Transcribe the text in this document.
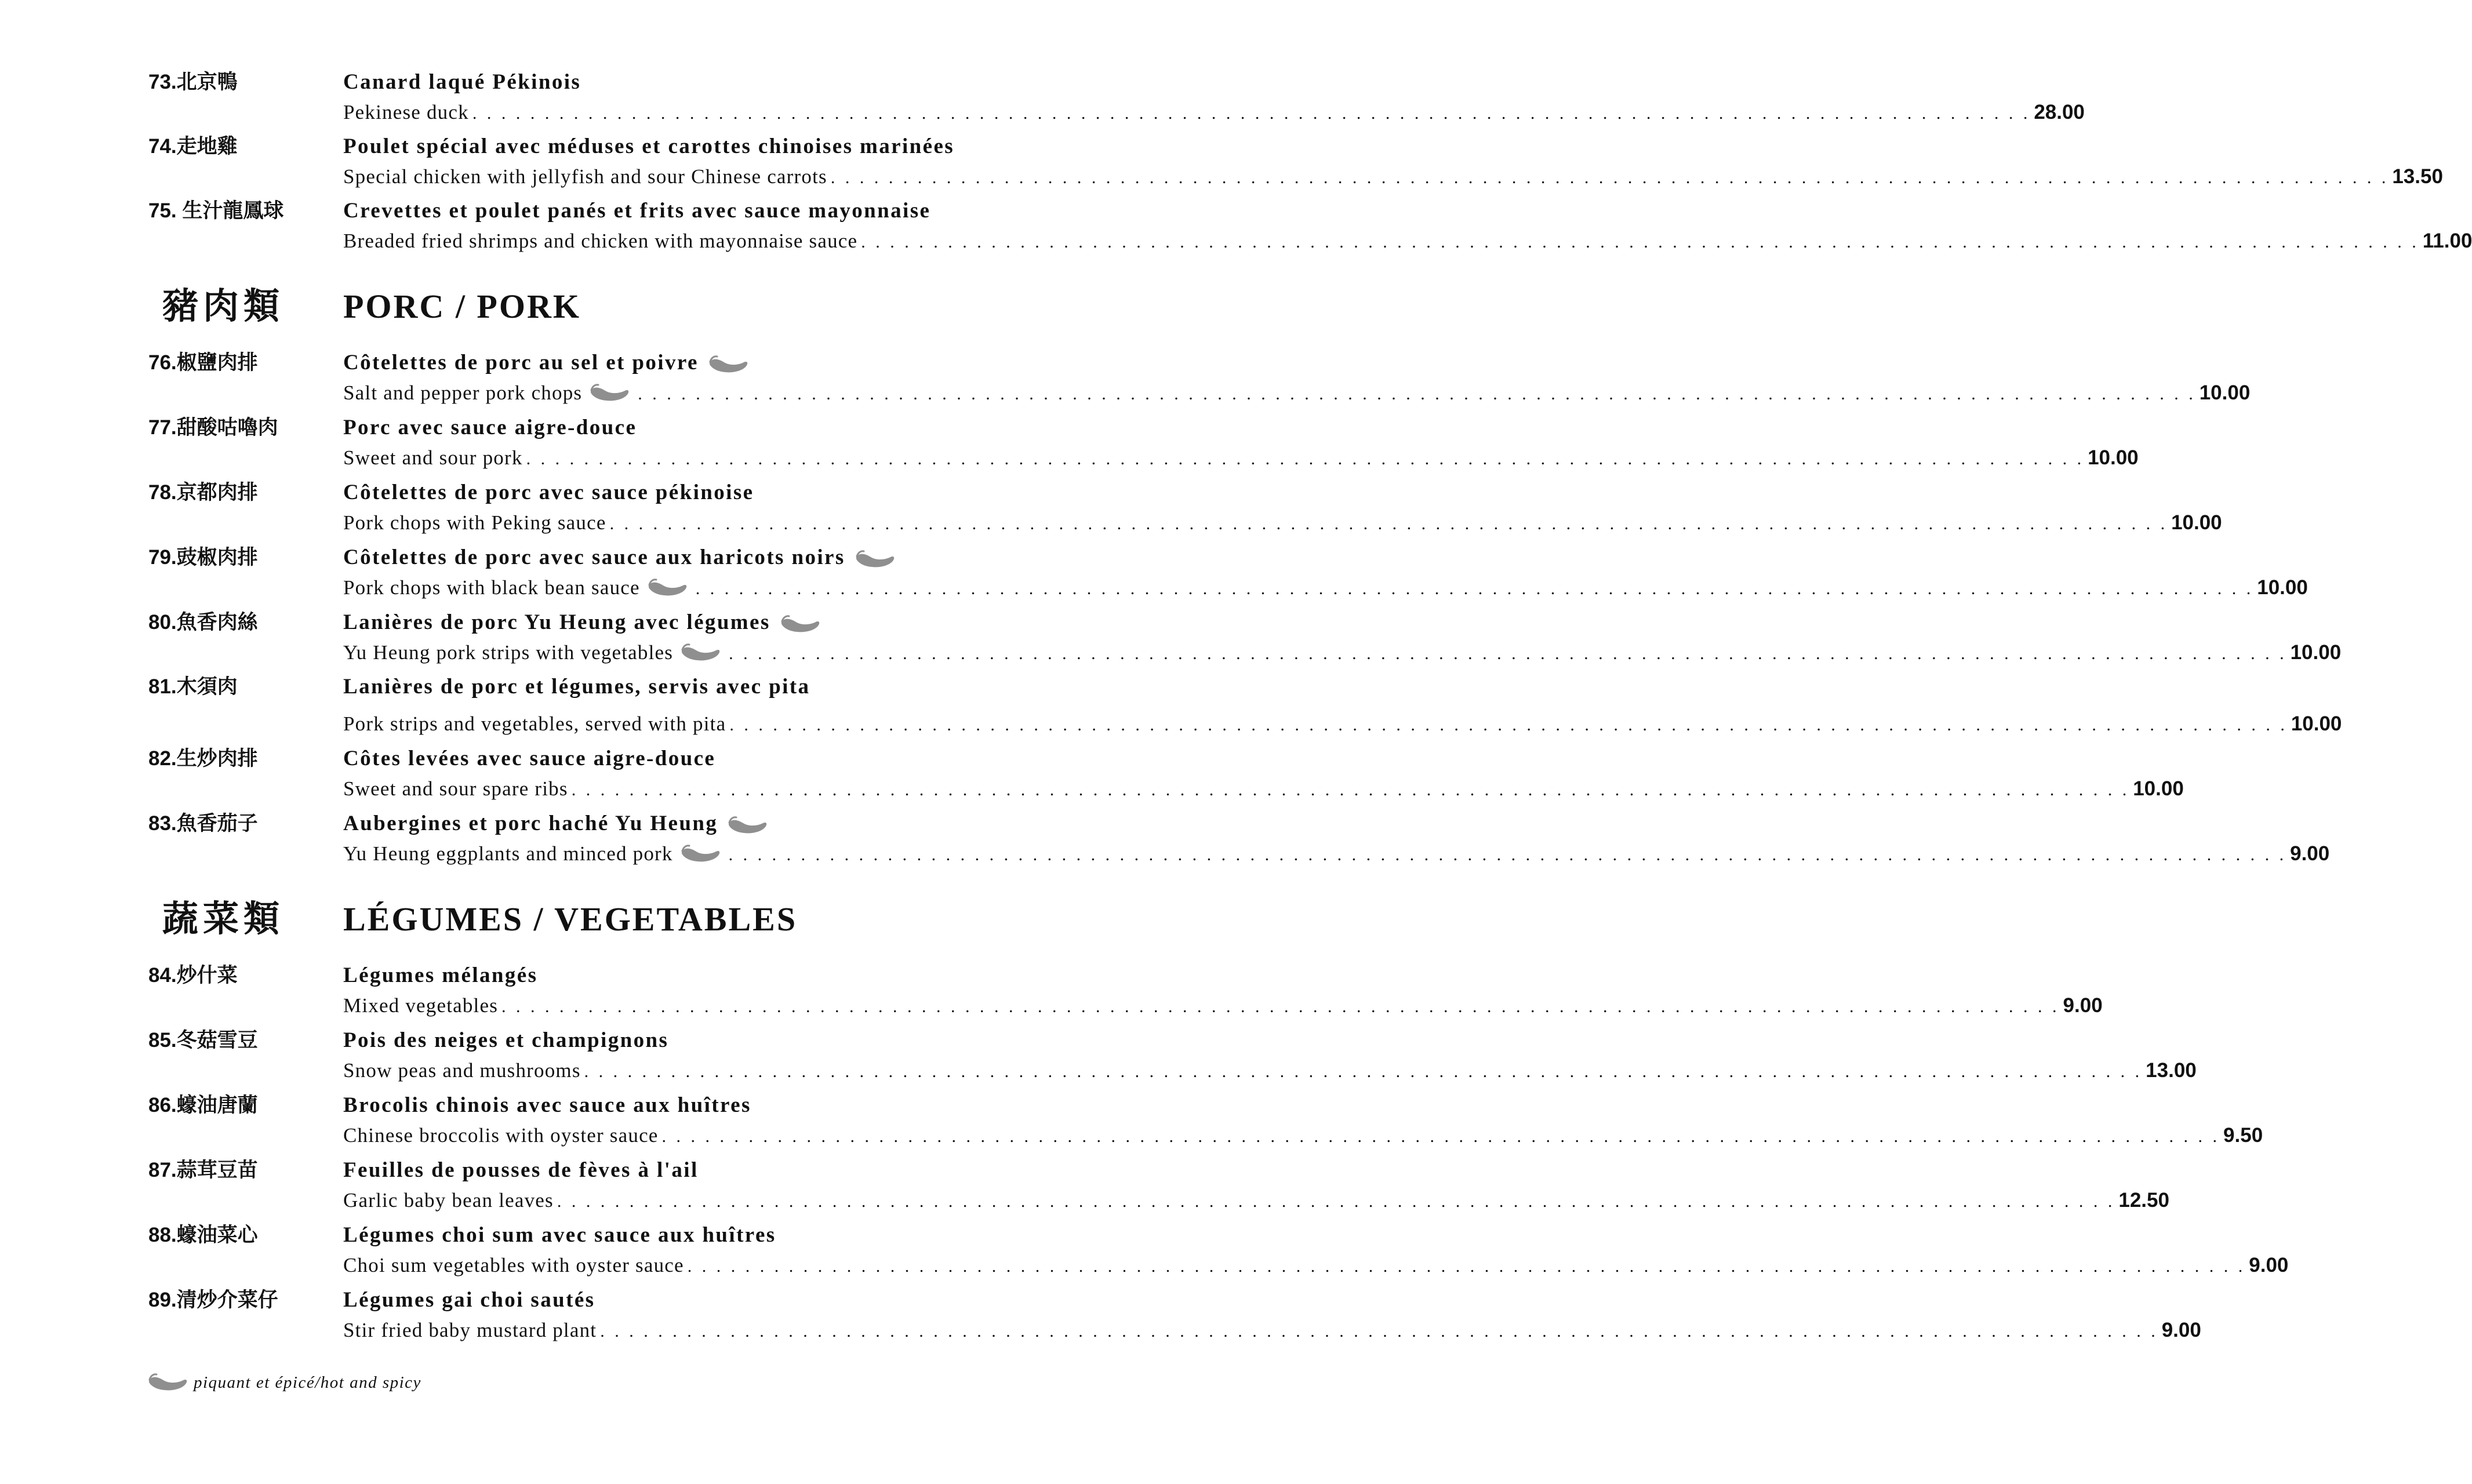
73.北京鴨	Canard laqué Pékinois
Pekinese duck . . . . . . . . . . . . . . . . . . . . . . . . . . . . . . . . . . . . . . . . . . . . . . . . . . . . . . . . . . . . . . . . . . . . . . . . . . . . . . . . . . . . . . . . . . . . . . . . . . . . . . . . . . . . 28.00
74.走地雞	Poulet spécial avec méduses et carottes chinoises marinées
Special chicken with jellyfish and sour Chinese carrots . . . . . . . . . . . . . . . . . . . . . . . . . . . . . . . . . . . . . . . . . . . . . . . . . . . . . . . . . . . . . . . . . . . . . . . . . . . . . . . . . . . . . . . . . . . . . . . . . . . . . . . . . . . . 13.50
75. 生汁龍鳳球	Crevettes et poulet panés et frits avec sauce mayonnaise
Breaded fried shrimps and chicken with mayonnaise sauce . . . . . . . . . . . . . . . . . . . . . . . . . . . . . . . . . . . . . . . . . . . . . . . . . . . . . . . . . . . . . . . . . . . . . . . . . . . . . . . . . . . . . . . . . . . . . . . . . . . . . . . . . . . . 11.00
豬肉類 PORC / PORK
76.椒鹽肉排	Côtelettes de porc au sel et poivre
Salt and pepper pork chops	. . . . . . . . . . . . . . . . . . . . . . . . . . . . . . . . . . . . . . . . . . . . . . . . . . . . . . . . . . . . . . . . . . . . . . . . . . . . . . . . . . . . . . . . . . . . . . . . . . . . . . . . . . . . 10.00
77.甜酸咕嚕肉	Porc avec sauce aigre-douce
Sweet and sour pork . . . . . . . . . . . . . . . . . . . . . . . . . . . . . . . . . . . . . . . . . . . . . . . . . . . . . . . . . . . . . . . . . . . . . . . . . . . . . . . . . . . . . . . . . . . . . . . . . . . . . . . . . . . . 10.00
78.京都肉排	Côtelettes de porc avec sauce pékinoise
Pork chops with Peking sauce . . . . . . . . . . . . . . . . . . . . . . . . . . . . . . . . . . . . . . . . . . . . . . . . . . . . . . . . . . . . . . . . . . . . . . . . . . . . . . . . . . . . . . . . . . . . . . . . . . . . . . . . . . . . 10.00
79.豉椒肉排	Côtelettes de porc avec sauce aux haricots noirs
Pork chops with black bean sauce	. . . . . . . . . . . . . . . . . . . . . . . . . . . . . . . . . . . . . . . . . . . . . . . . . . . . . . . . . . . . . . . . . . . . . . . . . . . . . . . . . . . . . . . . . . . . . . . . . . . . . . . . . . . . 10.00
80.魚香肉絲	Lanières de porc Yu Heung avec légumes
Yu Heung pork strips with vegetables	. . . . . . . . . . . . . . . . . . . . . . . . . . . . . . . . . . . . . . . . . . . . . . . . . . . . . . . . . . . . . . . . . . . . . . . . . . . . . . . . . . . . . . . . . . . . . . . . . . . . . . . . . . . . 10.00
81.木須肉	Lanières de porc et légumes, servis avec pita
Pork strips and vegetables, served with pita . . . . . . . . . . . . . . . . . . . . . . . . . . . . . . . . . . . . . . . . . . . . . . . . . . . . . . . . . . . . . . . . . . . . . . . . . . . . . . . . . . . . . . . . . . . . . . . . . . . . . . . . . . . . 10.00
82.生炒肉排	Côtes levées avec sauce aigre-douce
Sweet and sour spare ribs . . . . . . . . . . . . . . . . . . . . . . . . . . . . . . . . . . . . . . . . . . . . . . . . . . . . . . . . . . . . . . . . . . . . . . . . . . . . . . . . . . . . . . . . . . . . . . . . . . . . . . . . . . . . 10.00
83.魚香茄子	Aubergines et porc haché Yu Heung
Yu Heung eggplants and minced pork	. . . . . . . . . . . . . . . . . . . . . . . . . . . . . . . . . . . . . . . . . . . . . . . . . . . . . . . . . . . . . . . . . . . . . . . . . . . . . . . . . . . . . . . . . . . . . . . . . . . . . . . . . . . . 9.00
蔬菜類 LÉGUMES / VEGETABLES
84.炒什菜	Légumes mélangés
Mixed vegetables . . . . . . . . . . . . . . . . . . . . . . . . . . . . . . . . . . . . . . . . . . . . . . . . . . . . . . . . . . . . . . . . . . . . . . . . . . . . . . . . . . . . . . . . . . . . . . . . . . . . . . . . . . . . 9.00
85.冬菇雪豆	Pois des neiges et champignons
Snow peas and mushrooms . . . . . . . . . . . . . . . . . . . . . . . . . . . . . . . . . . . . . . . . . . . . . . . . . . . . . . . . . . . . . . . . . . . . . . . . . . . . . . . . . . . . . . . . . . . . . . . . . . . . . . . . . . . . 13.00
86.蠔油唐蘭	Brocolis chinois avec sauce aux huîtres
Chinese broccolis with oyster sauce . . . . . . . . . . . . . . . . . . . . . . . . . . . . . . . . . . . . . . . . . . . . . . . . . . . . . . . . . . . . . . . . . . . . . . . . . . . . . . . . . . . . . . . . . . . . . . . . . . . . . . . . . . . . 9.50
87.蒜茸豆苗	Feuilles de pousses de fèves à l'ail
Garlic baby bean leaves . . . . . . . . . . . . . . . . . . . . . . . . . . . . . . . . . . . . . . . . . . . . . . . . . . . . . . . . . . . . . . . . . . . . . . . . . . . . . . . . . . . . . . . . . . . . . . . . . . . . . . . . . . . . 12.50
88.蠔油菜心	Légumes choi sum avec sauce aux huîtres
Choi sum vegetables with oyster sauce . . . . . . . . . . . . . . . . . . . . . . . . . . . . . . . . . . . . . . . . . . . . . . . . . . . . . . . . . . . . . . . . . . . . . . . . . . . . . . . . . . . . . . . . . . . . . . . . . . . . . . . . . . . . 9.00
89.清炒介菜仔	Légumes gai choi sautés
Stir fried baby mustard plant . . . . . . . . . . . . . . . . . . . . . . . . . . . . . . . . . . . . . . . . . . . . . . . . . . . . . . . . . . . . . . . . . . . . . . . . . . . . . . . . . . . . . . . . . . . . . . . . . . . . . . . . . . . . 9.00
piquant et épicé/hot and spicy
